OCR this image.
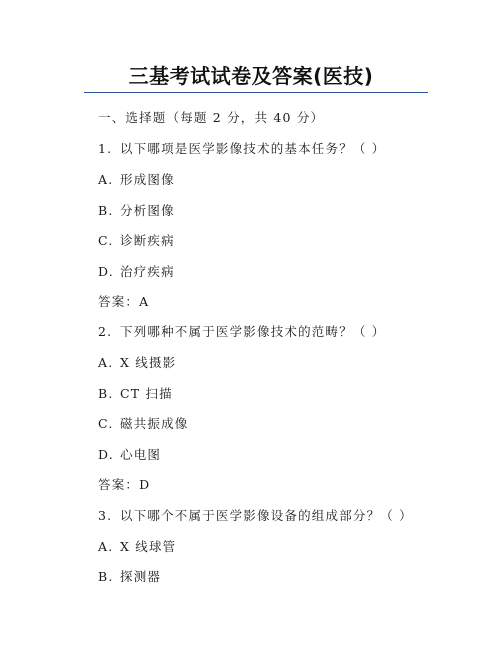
三基考试试卷及答案(医技)
一、选择题（每题 2 分，共 40 分）
1. 以下哪项是医学影像技术的基本任务？（ ）
A. 形成图像
B. 分析图像
C. 诊断疾病
D. 治疗疾病
答案：A
2. 下列哪种不属于医学影像技术的范畴？（ ）
A. X 线摄影
B. CT 扫描
C. 磁共振成像
D. 心电图
答案：D
3. 以下哪个不属于医学影像设备的组成部分？（ ）
A. X 线球管
B. 探测器
